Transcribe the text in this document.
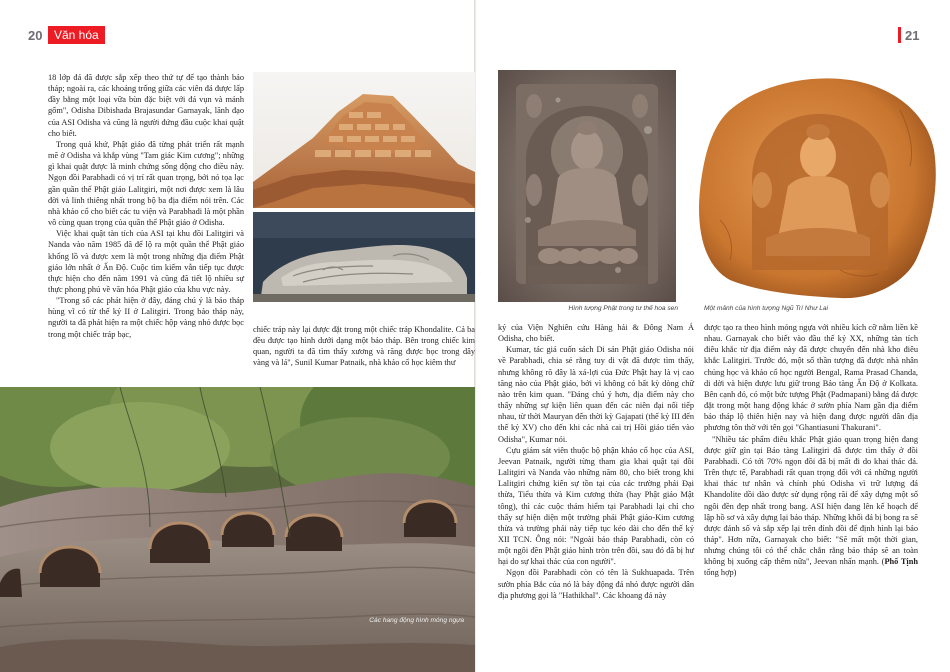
20 Văn hóa	21

18 lớp đá đã được sắp xếp theo thứ tự để tạo thành bảo tháp; ngoài ra, các khoảng trống giữa các viên đá được lấp đầy bằng một loại vữa bùn đặc biệt với đá vụn và mảnh gốm", Odisha Dibishada Brajasundar Garnayak, lãnh đạo của ASI Odisha và cũng là người đứng đầu cuộc khai quật cho biết.

Trong quá khứ, Phật giáo đã từng phát triển rất mạnh mẽ ở Odisha và khắp vùng "Tam giác Kim cương"; những gì khai quật được là minh chứng sống động cho điều này. Ngọn đồi Parabhadi có vị trí rất quan trọng, bởi nó tọa lạc gần quần thể Phật giáo Lalitgiri, một nơi được xem là lâu đời và linh thiêng nhất trong bộ ba địa điểm nói trên. Các nhà khảo cổ cho biết các tu viện và Parabhadi là một phần vô cùng quan trọng của quần thể Phật giáo ở Odisha.

Việc khai quật tàn tích của ASI tại khu đồi Lalitgiri và Nanda vào năm 1985 đã để lộ ra một quần thể Phật giáo khổng lồ và được xem là một trong những địa điểm Phật giáo lớn nhất ở Ấn Độ. Cuộc tìm kiếm vẫn tiếp tục được thực hiện cho đến năm 1991 và cũng đã tiết lộ nhiều sự thực phong phú về văn hóa Phật giáo của khu vực này.

"Trong số các phát hiện ở đây, đáng chú ý là bảo tháp hùng vĩ có từ thế kỷ II ở Lalitgiri. Trong bảo tháp này, người ta đã phát hiện ra một chiếc hộp vàng nhỏ được bọc trong một chiếc tráp bạc,

chiếc tráp này lại được đặt trong một chiếc tráp Khondalite. Cả ba đều được tạo hình dưới dạng một bảo tháp. Bên trong chiếc kim quan, người ta đã tìm thấy xương và răng được bọc trong dây vàng và lá", Sunil Kumar Patnaik, nhà khảo cổ học kiêm thư

Các hang động hình móng ngựa
Hình tượng Phật trong tư thế hoa sen	Một mảnh của hình tượng Ngũ Trí Như Lai

ký của Viện Nghiên cứu Hàng hải & Đông Nam Á Odisha, cho biết.

Kumar, tác giả cuốn sách Di sản Phật giáo Odisha nói về Parabhadi, chia sẻ rằng tuy di vật đã được tìm thấy, nhưng không rõ đây là xá-lợi của Đức Phật hay là vị cao tăng nào của Phật giáo, bởi vì không có bất kỳ dòng chữ nào trên kim quan. "Đáng chú ý hơn, địa điểm này cho thấy những sự kiện liên quan đến các niên đại nối tiếp nhau, từ thời Mauryan đến thời kỳ Gajapati (thế kỷ III đến thế kỷ XV) cho đến khi các nhà cai trị Hồi giáo tiến vào Odisha", Kumar nói.

Cựu giám sát viên thuộc bộ phận khảo cổ học của ASI, Jeevan Patnaik, người từng tham gia khai quật tại đồi Lalitgiri và Nanda vào những năm 80, cho biết trong khi Lalitgiri chứng kiến sự tồn tại của các trường phái Đại thừa, Tiểu thừa và Kim cương thừa (hay Phật giáo Mật tông), thì các cuộc thám hiểm tại Parabhadi lại chỉ cho thấy sự hiện diện một trường phái Phật giáo-Kim cương thừa và trường phái này tiếp tục kéo dài cho đến thế kỷ XII TCN. Ông nói: "Ngoài bảo tháp Parabhadi, còn có một ngôi đền Phật giáo hình tròn trên đồi, sau đó đã bị hư hại do sự khai thác của con người".

Ngọn đồi Parabhadi còn có tên là Sukhuapada. Trên sườn phía Bắc của nó là bảy động đá nhỏ được người dân địa phương gọi là "Hathikhal". Các khoang đá này

được tạo ra theo hình móng ngựa với nhiều kích cỡ nằm liền kề nhau. Garnayak cho biết vào đầu thế kỷ XX, những tàn tích điêu khắc từ địa điểm này đã được chuyển đến nhà kho điêu khắc Lalitgiri. Trước đó, một số thần tượng đã được nhà nhân chủng học và khảo cổ học người Bengal, Rama Prasad Chanda, di dời và hiện được lưu giữ trong Bảo tàng Ấn Độ ở Kolkata. Bên cạnh đó, có một bức tượng Phật (Padmapani) bằng đá được đặt trong một hang động khác ở sườn phía Nam gần địa điểm bảo tháp lộ thiên hiện nay và hiện đang được người dân địa phương tôn thờ với tên gọi "Ghantiasuni Thakurani".

"Nhiều tác phẩm điêu khắc Phật giáo quan trọng hiện đang được giữ gìn tại Bảo tàng Lalitgiri đã được tìm thấy ở đồi Parabhadi. Có tới 70% ngọn đồi đã bị mất đi do khai thác đá. Trên thực tế, Parabhadi rất quan trọng đối với cả những người khai thác tư nhân và chính phủ Odisha vì trữ lượng đá Khandolite dồi dào được sử dụng rộng rãi để xây dựng một số ngôi đền đẹp nhất trong bang. ASI hiện đang lên kế hoạch để lập hồ sơ và xây dựng lại bảo tháp. Những khối đá bị bong ra sẽ được đánh số và sắp xếp lại trên đỉnh đồi để định hình lại bảo tháp". Hơn nữa, Garnayak cho biết: "Sẽ mất một thời gian, nhưng chúng tôi có thể chắc chắn rằng bảo tháp sẽ an toàn không bị xuống cấp thêm nữa", Jeevan nhấn mạnh. (Phố Tịnh tổng hợp)
